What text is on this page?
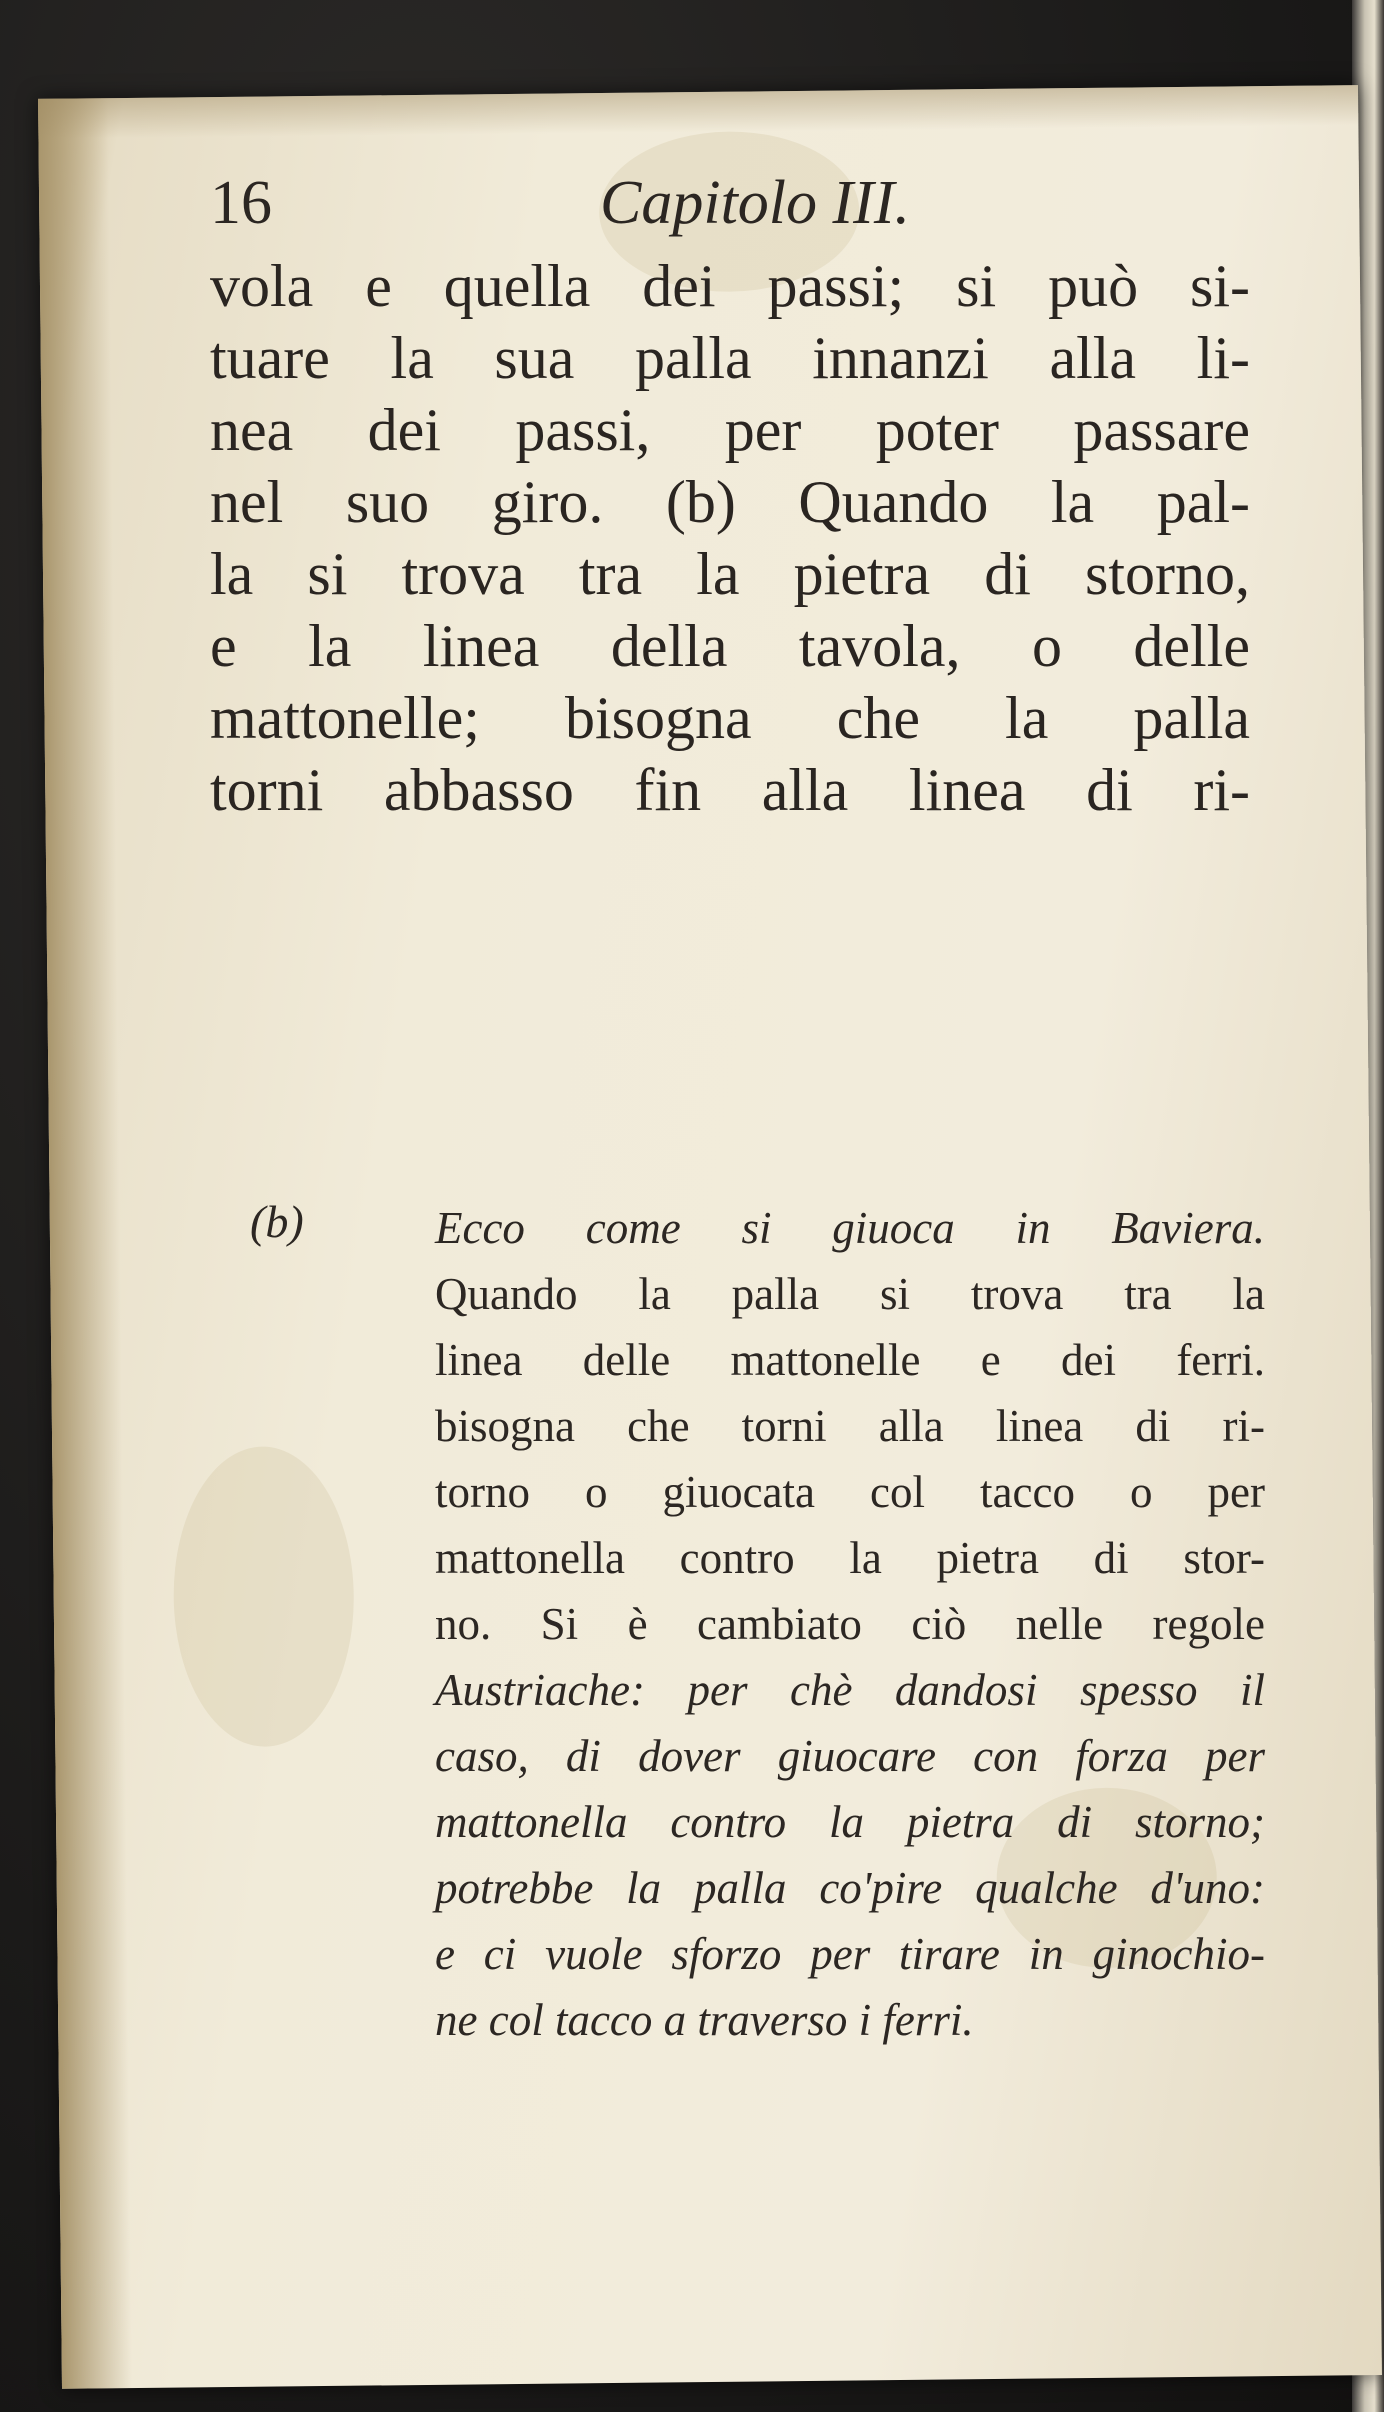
16	Capitolo III.
vola e quella dei passi; si può si-
tuare la sua palla innanzi alla li-
nea dei passi, per poter passare
nel suo giro. (b) Quando la pal-
la si trova tra la pietra di storno,
e la linea della tavola, o delle
mattonelle; bisogna che la palla
torni abbasso fin alla linea di ri-
(b)	Ecco come si giuoca in Baviera.
Quando la palla si trova tra la
linea delle mattonelle e dei ferri.
bisogna che torni alla linea di ri-
torno o giuocata col tacco o per
mattonella contro la pietra di stor-
no. Si è cambiato ciò nelle regole
Austriache: per chè dandosi spesso il
caso, di dover giuocare con forza per
mattonella contro la pietra di storno;
potrebbe la palla co'pire qualche d'uno:
e ci vuole sforzo per tirare in ginochio-
ne col tacco a traverso i ferri.
